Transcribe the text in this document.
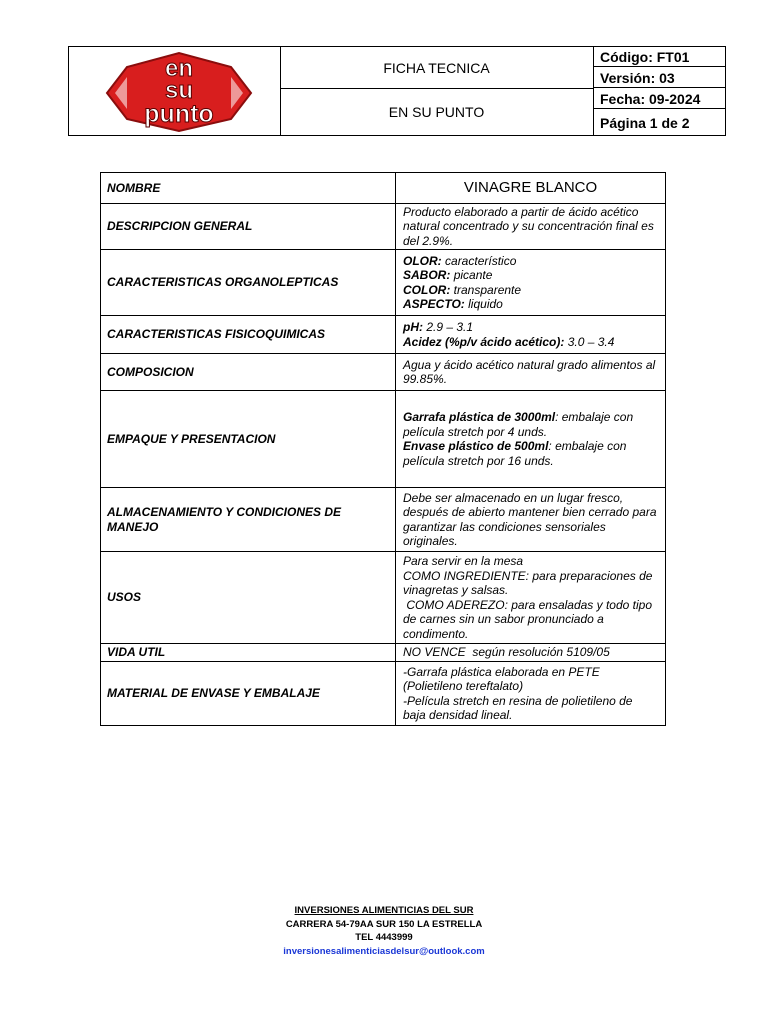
en
su
punto
FICHA TECNICA
EN SU PUNTO
Código: FT01
Versión: 03
Fecha: 09-2024
Página 1 de 2
NOMBRE	VINAGRE BLANCO
DESCRIPCION GENERAL	Producto elaborado a partir de ácido acético natural concentrado y su concentración final es del 2.9%.
CARACTERISTICAS ORGANOLEPTICAS	OLOR: característico
SABOR: picante
COLOR: transparente
ASPECTO: liquido

CARACTERISTICAS FISICOQUIMICAS	pH: 2.9 – 3.1
Acidez (%p/v ácido acético): 3.0 – 3.4

COMPOSICION	Agua y ácido acético natural grado alimentos al 99.85%.
EMPAQUE Y PRESENTACION	Garrafa plástica de 3000ml: embalaje con película stretch por 4 unds.
Envase plástico de 500ml: embalaje con película stretch por 16 unds.

ALMACENAMIENTO Y CONDICIONES DE MANEJO	Debe ser almacenado en un lugar fresco, después de abierto mantener bien cerrado para garantizar las condiciones sensoriales originales.
USOS	Para servir en la mesa
COMO INGREDIENTE: para preparaciones de vinagretas y salsas.
COMO ADEREZO: para ensaladas y todo tipo de carnes sin un sabor pronunciado a condimento.

VIDA UTIL	NO VENCE  según resolución 5109/05
MATERIAL DE ENVASE Y EMBALAJE	-Garrafa plástica elaborada en PETE (Polietileno tereftalato)
-Película stretch en resina de polietileno de baja densidad lineal.
INVERSIONES ALIMENTICIAS DEL SUR
CARRERA 54-79AA SUR 150 LA ESTRELLA
TEL 4443999
inversionesalimenticiasdelsur@outlook.com
